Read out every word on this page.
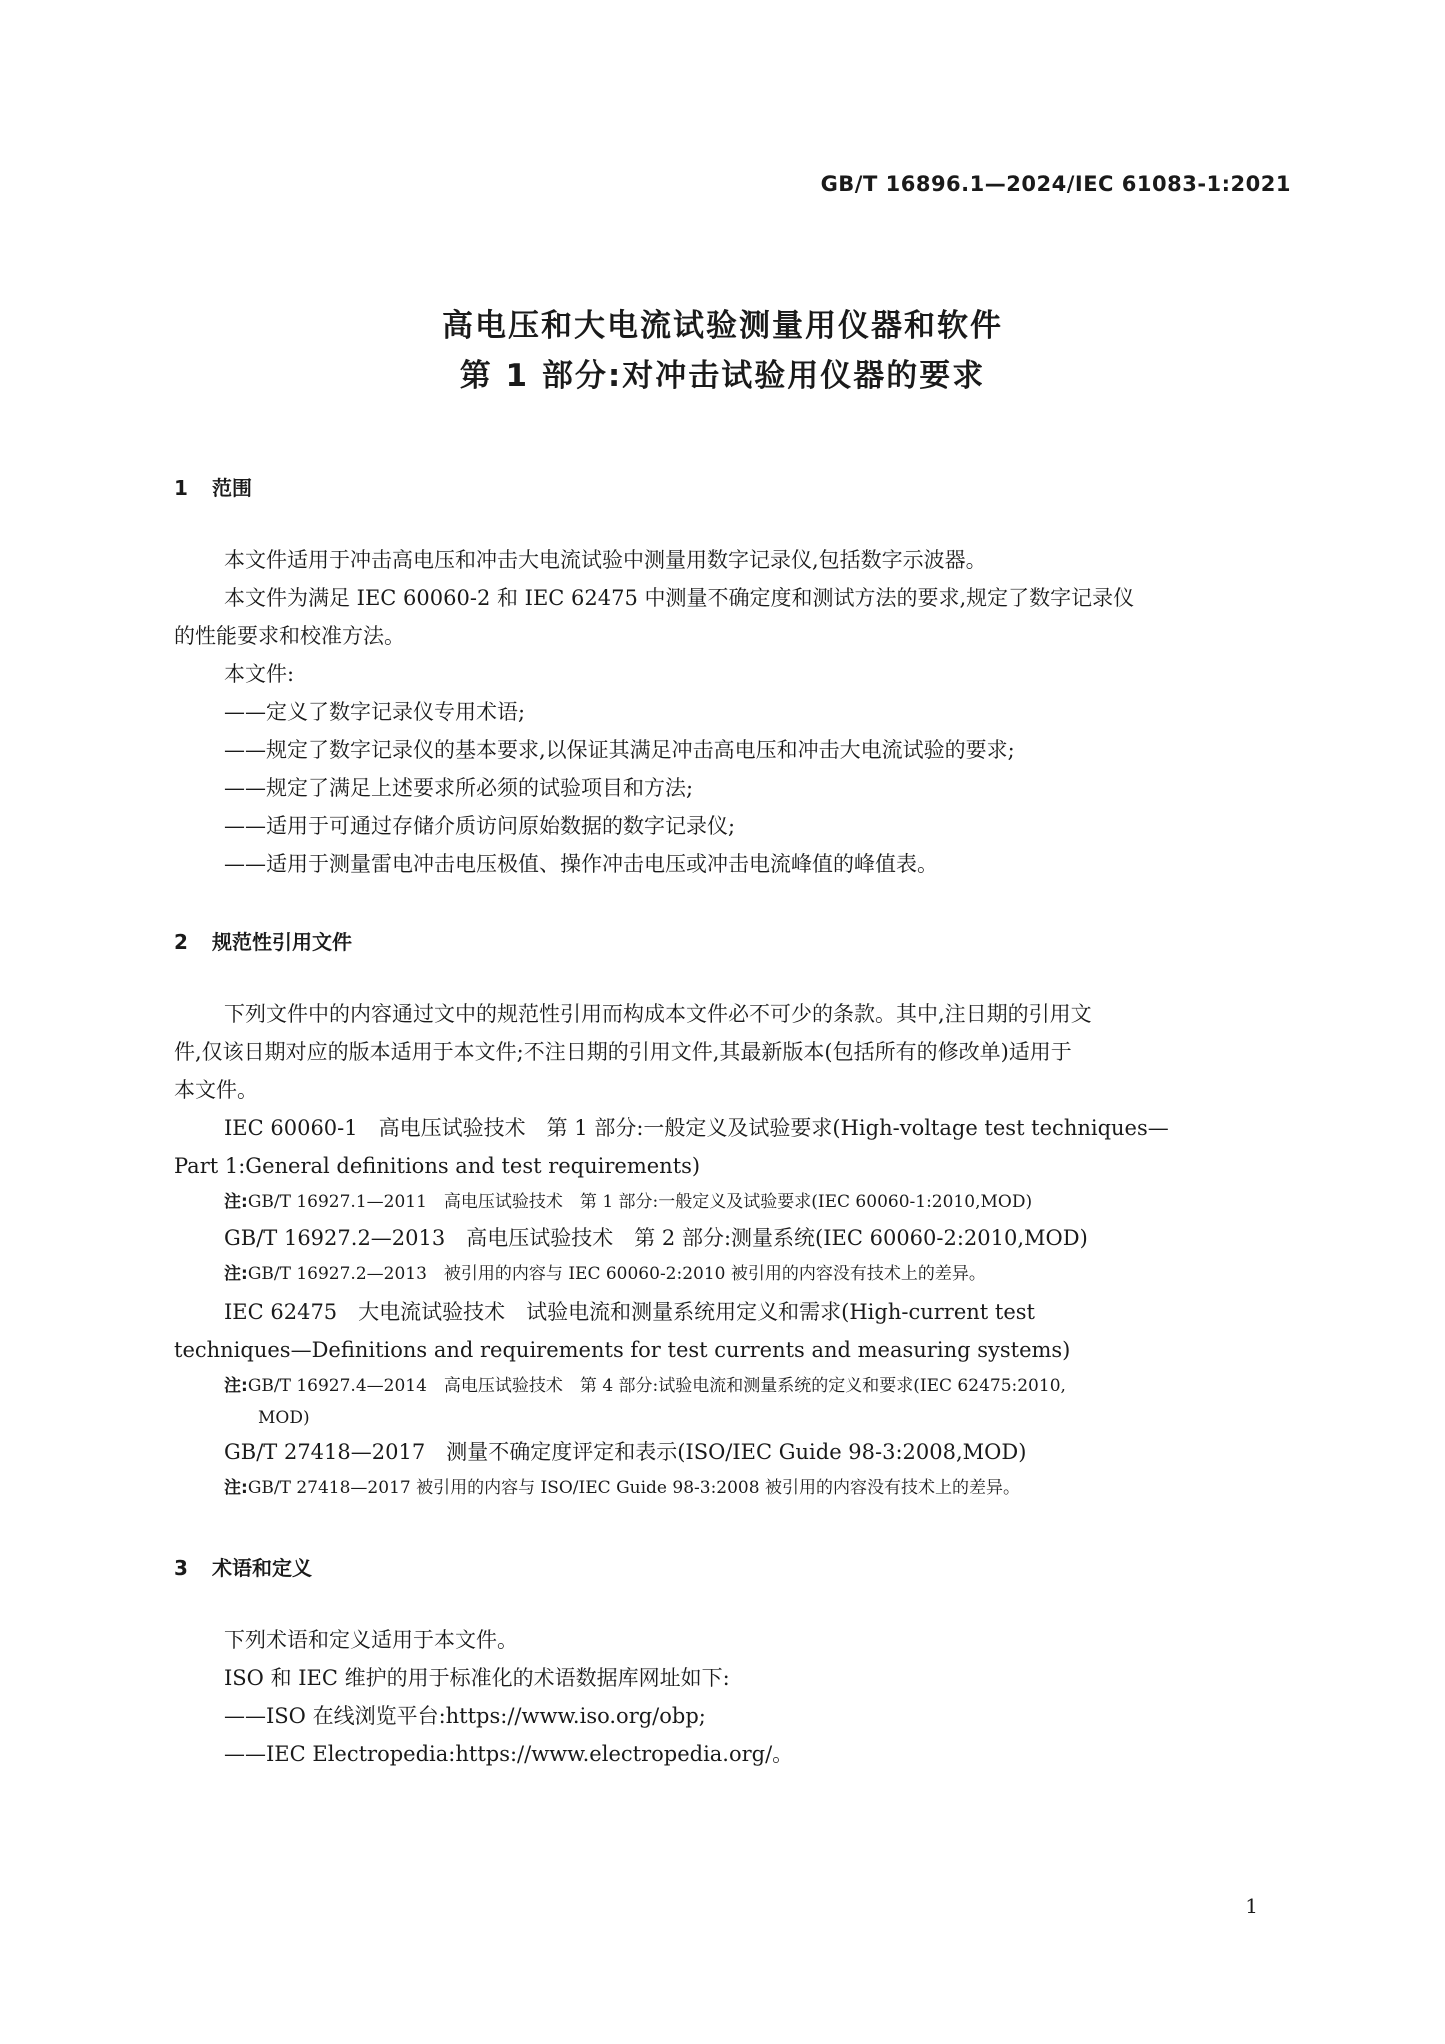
GB/T 16896.1—2024/IEC 61083-1:2021
高电压和大电流试验测量用仪器和软件
第 1 部分:对冲击试验用仪器的要求
1 范围
本文件适用于冲击高电压和冲击大电流试验中测量用数字记录仪,包括数字示波器。
本文件为满足 IEC 60060-2 和 IEC 62475 中测量不确定度和测试方法的要求,规定了数字记录仪
的性能要求和校准方法。
本文件:
——定义了数字记录仪专用术语;
——规定了数字记录仪的基本要求,以保证其满足冲击高电压和冲击大电流试验的要求;
——规定了满足上述要求所必须的试验项目和方法;
——适用于可通过存储介质访问原始数据的数字记录仪;
——适用于测量雷电冲击电压极值、操作冲击电压或冲击电流峰值的峰值表。
2 规范性引用文件
下列文件中的内容通过文中的规范性引用而构成本文件必不可少的条款。其中,注日期的引用文
件,仅该日期对应的版本适用于本文件;不注日期的引用文件,其最新版本(包括所有的修改单)适用于
本文件。
IEC 60060-1　高电压试验技术　第 1 部分:一般定义及试验要求(High-voltage test techniques—
Part 1:General definitions and test requirements)
注:GB/T 16927.1—2011　高电压试验技术　第 1 部分:一般定义及试验要求(IEC 60060-1:2010,MOD)
GB/T 16927.2—2013　高电压试验技术　第 2 部分:测量系统(IEC 60060-2:2010,MOD)
注:GB/T 16927.2—2013　被引用的内容与 IEC 60060-2:2010 被引用的内容没有技术上的差异。
IEC 62475　大电流试验技术　试验电流和测量系统用定义和需求(High-current test
techniques—Definitions and requirements for test currents and measuring systems)
注:GB/T 16927.4—2014　高电压试验技术　第 4 部分:试验电流和测量系统的定义和要求(IEC 62475:2010,
MOD)
GB/T 27418—2017　测量不确定度评定和表示(ISO/IEC Guide 98-3:2008,MOD)
注:GB/T 27418—2017 被引用的内容与 ISO/IEC Guide 98-3:2008 被引用的内容没有技术上的差异。
3 术语和定义
下列术语和定义适用于本文件。
ISO 和 IEC 维护的用于标准化的术语数据库网址如下:
——ISO 在线浏览平台:https://www.iso.org/obp;
——IEC Electropedia:https://www.electropedia.org/。
1
